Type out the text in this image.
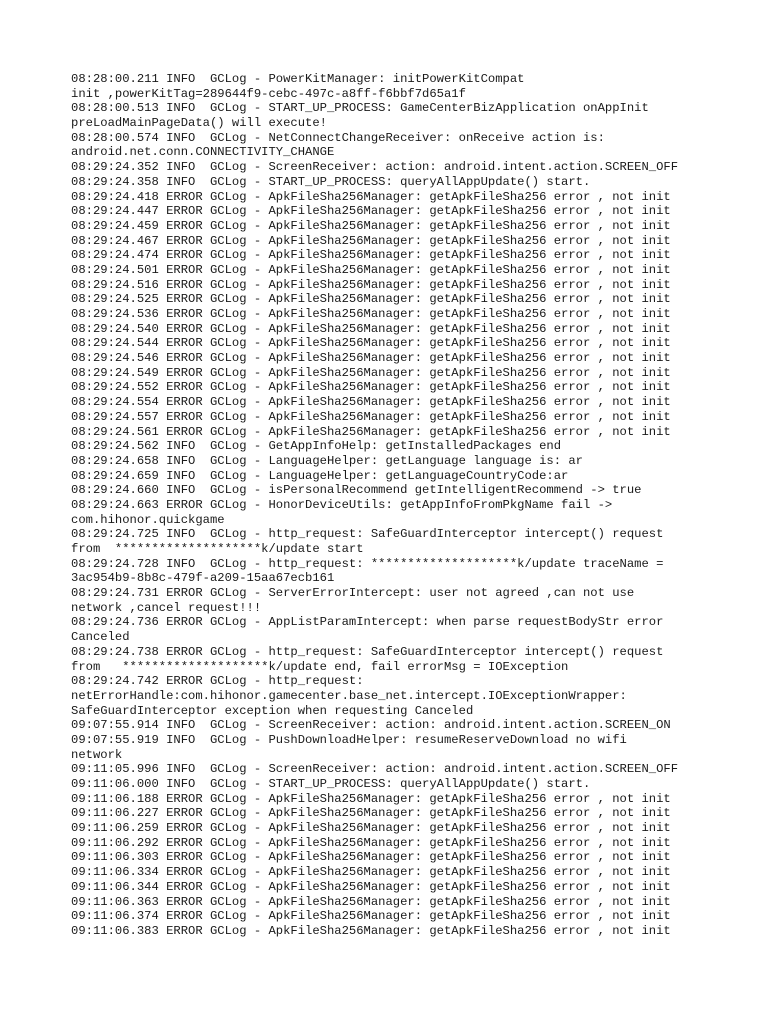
08:28:00.211 INFO  GCLog - PowerKitManager: initPowerKitCompat
init ,powerKitTag=289644f9-cebc-497c-a8ff-f6bbf7d65a1f
08:28:00.513 INFO  GCLog - START_UP_PROCESS: GameCenterBizApplication onAppInit
preLoadMainPageData() will execute!
08:28:00.574 INFO  GCLog - NetConnectChangeReceiver: onReceive action is:
android.net.conn.CONNECTIVITY_CHANGE
08:29:24.352 INFO  GCLog - ScreenReceiver: action: android.intent.action.SCREEN_OFF
08:29:24.358 INFO  GCLog - START_UP_PROCESS: queryAllAppUpdate() start.
08:29:24.418 ERROR GCLog - ApkFileSha256Manager: getApkFileSha256 error , not init
08:29:24.447 ERROR GCLog - ApkFileSha256Manager: getApkFileSha256 error , not init
08:29:24.459 ERROR GCLog - ApkFileSha256Manager: getApkFileSha256 error , not init
08:29:24.467 ERROR GCLog - ApkFileSha256Manager: getApkFileSha256 error , not init
08:29:24.474 ERROR GCLog - ApkFileSha256Manager: getApkFileSha256 error , not init
08:29:24.501 ERROR GCLog - ApkFileSha256Manager: getApkFileSha256 error , not init
08:29:24.516 ERROR GCLog - ApkFileSha256Manager: getApkFileSha256 error , not init
08:29:24.525 ERROR GCLog - ApkFileSha256Manager: getApkFileSha256 error , not init
08:29:24.536 ERROR GCLog - ApkFileSha256Manager: getApkFileSha256 error , not init
08:29:24.540 ERROR GCLog - ApkFileSha256Manager: getApkFileSha256 error , not init
08:29:24.544 ERROR GCLog - ApkFileSha256Manager: getApkFileSha256 error , not init
08:29:24.546 ERROR GCLog - ApkFileSha256Manager: getApkFileSha256 error , not init
08:29:24.549 ERROR GCLog - ApkFileSha256Manager: getApkFileSha256 error , not init
08:29:24.552 ERROR GCLog - ApkFileSha256Manager: getApkFileSha256 error , not init
08:29:24.554 ERROR GCLog - ApkFileSha256Manager: getApkFileSha256 error , not init
08:29:24.557 ERROR GCLog - ApkFileSha256Manager: getApkFileSha256 error , not init
08:29:24.561 ERROR GCLog - ApkFileSha256Manager: getApkFileSha256 error , not init
08:29:24.562 INFO  GCLog - GetAppInfoHelp: getInstalledPackages end
08:29:24.658 INFO  GCLog - LanguageHelper: getLanguage language is: ar
08:29:24.659 INFO  GCLog - LanguageHelper: getLanguageCountryCode:ar
08:29:24.660 INFO  GCLog - isPersonalRecommend getIntelligentRecommend -> true
08:29:24.663 ERROR GCLog - HonorDeviceUtils: getAppInfoFromPkgName fail ->
com.hihonor.quickgame
08:29:24.725 INFO  GCLog - http_request: SafeGuardInterceptor intercept() request
from  ********************k/update start
08:29:24.728 INFO  GCLog - http_request: ********************k/update traceName =
3ac954b9-8b8c-479f-a209-15aa67ecb161
08:29:24.731 ERROR GCLog - ServerErrorIntercept: user not agreed ,can not use
network ,cancel request!!!
08:29:24.736 ERROR GCLog - AppListParamIntercept: when parse requestBodyStr error
Canceled
08:29:24.738 ERROR GCLog - http_request: SafeGuardInterceptor intercept() request
from   ********************k/update end, fail errorMsg = IOException
08:29:24.742 ERROR GCLog - http_request:
netErrorHandle:com.hihonor.gamecenter.base_net.intercept.IOExceptionWrapper:
SafeGuardInterceptor exception when requesting Canceled
09:07:55.914 INFO  GCLog - ScreenReceiver: action: android.intent.action.SCREEN_ON
09:07:55.919 INFO  GCLog - PushDownloadHelper: resumeReserveDownload no wifi
network
09:11:05.996 INFO  GCLog - ScreenReceiver: action: android.intent.action.SCREEN_OFF
09:11:06.000 INFO  GCLog - START_UP_PROCESS: queryAllAppUpdate() start.
09:11:06.188 ERROR GCLog - ApkFileSha256Manager: getApkFileSha256 error , not init
09:11:06.227 ERROR GCLog - ApkFileSha256Manager: getApkFileSha256 error , not init
09:11:06.259 ERROR GCLog - ApkFileSha256Manager: getApkFileSha256 error , not init
09:11:06.292 ERROR GCLog - ApkFileSha256Manager: getApkFileSha256 error , not init
09:11:06.303 ERROR GCLog - ApkFileSha256Manager: getApkFileSha256 error , not init
09:11:06.334 ERROR GCLog - ApkFileSha256Manager: getApkFileSha256 error , not init
09:11:06.344 ERROR GCLog - ApkFileSha256Manager: getApkFileSha256 error , not init
09:11:06.363 ERROR GCLog - ApkFileSha256Manager: getApkFileSha256 error , not init
09:11:06.374 ERROR GCLog - ApkFileSha256Manager: getApkFileSha256 error , not init
09:11:06.383 ERROR GCLog - ApkFileSha256Manager: getApkFileSha256 error , not init
